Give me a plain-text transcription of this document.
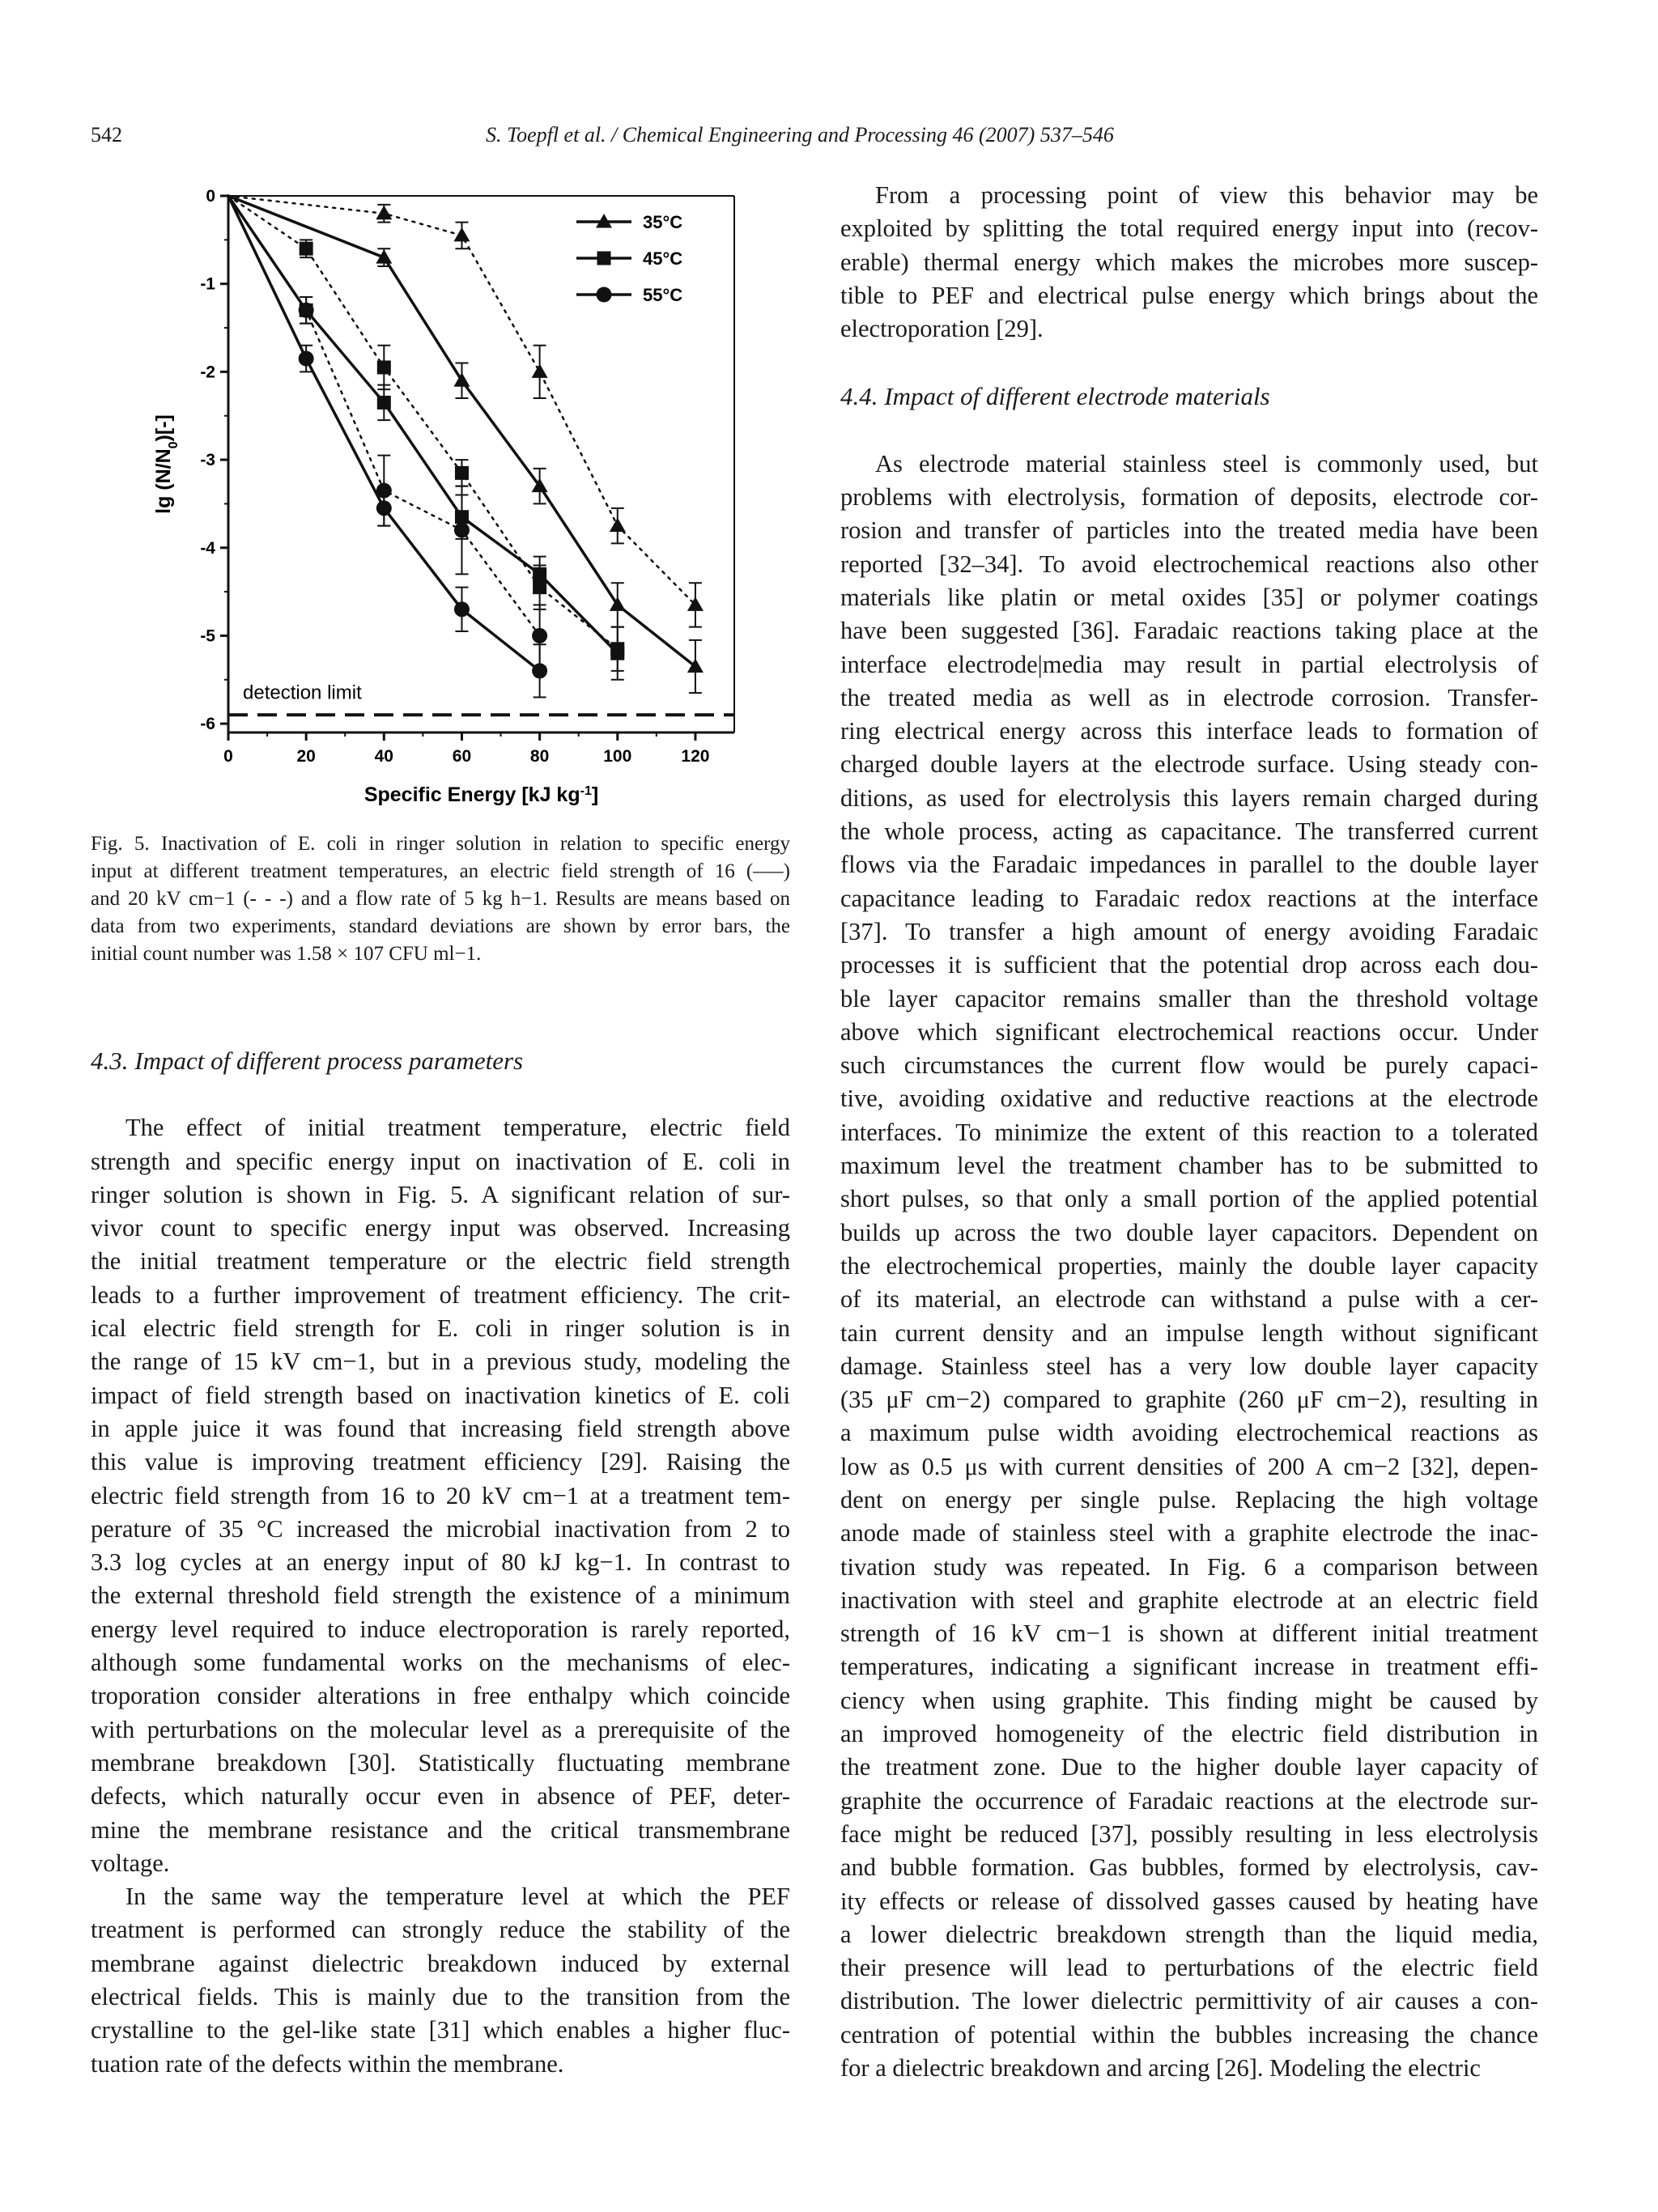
542	S. Toepfl et al. / Chemical Engineering and Processing 46 (2007) 537–546
0
-1
-2
-3
-4
-5
-6
0	20	40	60	80	100	120
Specific Energy [kJ $kg^{-1}$]
$\lg (N/N_0)[-]$
detection limit
35°C
45°C
55°C
Fig. 5. Inactivation of E. coli in ringer solution in relation to specific energy
input at different treatment temperatures, an electric field strength of 16 (–––)
and 20 kV cm−1 (- - -) and a flow rate of 5 kg h−1. Results are means based on
data from two experiments, standard deviations are shown by error bars, the
initial count number was 1.58 × 107 CFU ml−1.

4.3. Impact of different process parameters

The effect of initial treatment temperature, electric field
strength and specific energy input on inactivation of E. coli in
ringer solution is shown in Fig. 5. A significant relation of sur-
vivor count to specific energy input was observed. Increasing
the initial treatment temperature or the electric field strength
leads to a further improvement of treatment efficiency. The crit-
ical electric field strength for E. coli in ringer solution is in
the range of 15 kV cm−1, but in a previous study, modeling the
impact of field strength based on inactivation kinetics of E. coli
in apple juice it was found that increasing field strength above
this value is improving treatment efficiency [29]. Raising the
electric field strength from 16 to 20 kV cm−1 at a treatment tem-
perature of 35 °C increased the microbial inactivation from 2 to
3.3 log cycles at an energy input of 80 kJ kg−1. In contrast to
the external threshold field strength the existence of a minimum
energy level required to induce electroporation is rarely reported,
although some fundamental works on the mechanisms of elec-
troporation consider alterations in free enthalpy which coincide
with perturbations on the molecular level as a prerequisite of the
membrane breakdown [30]. Statistically fluctuating membrane
defects, which naturally occur even in absence of PEF, deter-
mine the membrane resistance and the critical transmembrane
voltage.
In the same way the temperature level at which the PEF
treatment is performed can strongly reduce the stability of the
membrane against dielectric breakdown induced by external
electrical fields. This is mainly due to the transition from the
crystalline to the gel-like state [31] which enables a higher fluc-
tuation rate of the defects within the membrane.
From a processing point of view this behavior may be
exploited by splitting the total required energy input into (recov-
erable) thermal energy which makes the microbes more suscep-
tible to PEF and electrical pulse energy which brings about the
electroporation [29].

4.4. Impact of different electrode materials

As electrode material stainless steel is commonly used, but
problems with electrolysis, formation of deposits, electrode cor-
rosion and transfer of particles into the treated media have been
reported [32–34]. To avoid electrochemical reactions also other
materials like platin or metal oxides [35] or polymer coatings
have been suggested [36]. Faradaic reactions taking place at the
interface electrode|media may result in partial electrolysis of
the treated media as well as in electrode corrosion. Transfer-
ring electrical energy across this interface leads to formation of
charged double layers at the electrode surface. Using steady con-
ditions, as used for electrolysis this layers remain charged during
the whole process, acting as capacitance. The transferred current
flows via the Faradaic impedances in parallel to the double layer
capacitance leading to Faradaic redox reactions at the interface
[37]. To transfer a high amount of energy avoiding Faradaic
processes it is sufficient that the potential drop across each dou-
ble layer capacitor remains smaller than the threshold voltage
above which significant electrochemical reactions occur. Under
such circumstances the current flow would be purely capaci-
tive, avoiding oxidative and reductive reactions at the electrode
interfaces. To minimize the extent of this reaction to a tolerated
maximum level the treatment chamber has to be submitted to
short pulses, so that only a small portion of the applied potential
builds up across the two double layer capacitors. Dependent on
the electrochemical properties, mainly the double layer capacity
of its material, an electrode can withstand a pulse with a cer-
tain current density and an impulse length without significant
damage. Stainless steel has a very low double layer capacity
(35 μF cm−2) compared to graphite (260 μF cm−2), resulting in
a maximum pulse width avoiding electrochemical reactions as
low as 0.5 μs with current densities of 200 A cm−2 [32], depen-
dent on energy per single pulse. Replacing the high voltage
anode made of stainless steel with a graphite electrode the inac-
tivation study was repeated. In Fig. 6 a comparison between
inactivation with steel and graphite electrode at an electric field
strength of 16 kV cm−1 is shown at different initial treatment
temperatures, indicating a significant increase in treatment effi-
ciency when using graphite. This finding might be caused by
an improved homogeneity of the electric field distribution in
the treatment zone. Due to the higher double layer capacity of
graphite the occurrence of Faradaic reactions at the electrode sur-
face might be reduced [37], possibly resulting in less electrolysis
and bubble formation. Gas bubbles, formed by electrolysis, cav-
ity effects or release of dissolved gasses caused by heating have
a lower dielectric breakdown strength than the liquid media,
their presence will lead to perturbations of the electric field
distribution. The lower dielectric permittivity of air causes a con-
centration of potential within the bubbles increasing the chance
for a dielectric breakdown and arcing [26]. Modeling the electric
